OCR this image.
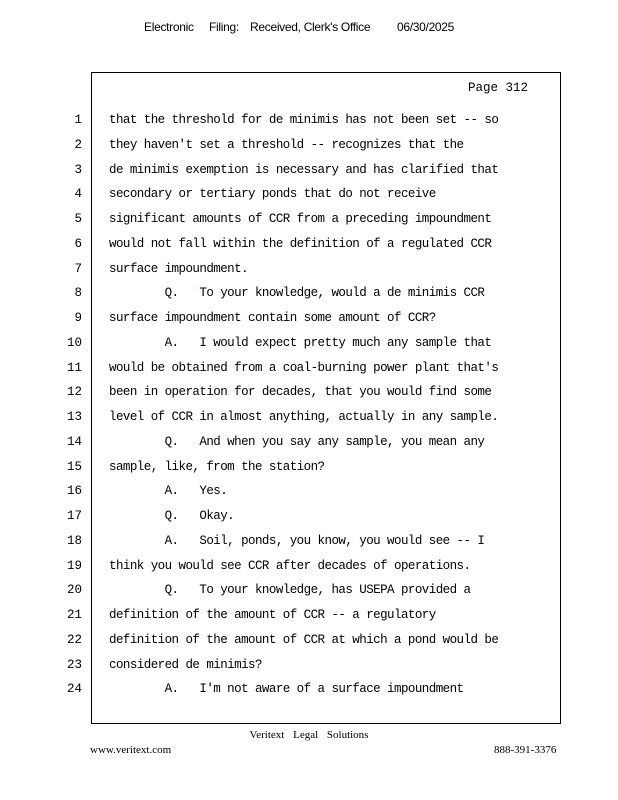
Electronic Filing: Received, Clerk's Office 06/30/2025
Page 312
1 that the threshold for de minimis has not been set -- so
2 they haven't set a threshold -- recognizes that the
3 de minimis exemption is necessary and has clarified that
4 secondary or tertiary ponds that do not receive
5 significant amounts of CCR from a preceding impoundment
6 would not fall within the definition of a regulated CCR
7 surface impoundment.
8 Q.   To your knowledge, would a de minimis CCR
9 surface impoundment contain some amount of CCR?
10 A.   I would expect pretty much any sample that
11 would be obtained from a coal-burning power plant that's
12 been in operation for decades, that you would find some
13 level of CCR in almost anything, actually in any sample.
14 Q.   And when you say any sample, you mean any
15 sample, like, from the station?
16 A.   Yes.
17 Q.   Okay.
18 A.   Soil, ponds, you know, you would see -- I
19 think you would see CCR after decades of operations.
20 Q.   To your knowledge, has USEPA provided a
21 definition of the amount of CCR -- a regulatory
22 definition of the amount of CCR at which a pond would be
23 considered de minimis?
24 A.   I'm not aware of a surface impoundment
Veritext Legal Solutions
www.veritext.com	888-391-3376
